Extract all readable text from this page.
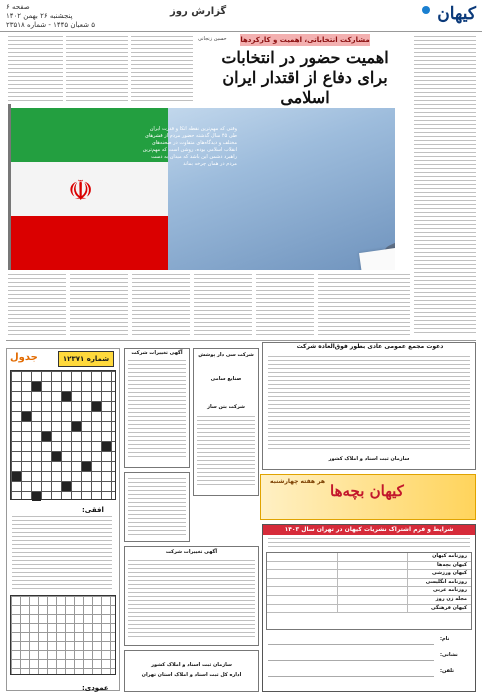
کیهان
گزارش روز
صفحه ۶
پنجشنبه ۲۶ بهمن ۱۴۰۲
۵ شعبان ۱۴۴۵ - شماره ۲۳۵۱۸
مشارکت انتخاباتی، اهمیت و کارکردها
حسین زنجانی
اهمیت حضور در انتخابات
برای دفاع از اقتدار ایران اسلامی
☫
وقتی که مهم‌ترین نقطه اتکا و قدرت ایران طی ۴۵ سال گذشته حضور مردم از قشرهای مختلف و دیدگاه‌های متفاوت در صحنه‌های انقلاب اسلامی بوده، روشن است که مهم‌ترین راهبرد دشمن این باشد که میدان به دست مردم در همان چرخه بماند
شماره ۱۲۳۷۱
جدول
افقی:
عمودی:
آگهی تغییرات شرکت	شرکت سی دار پوشش
صنایع سامی
شرکت بتن ساز
آگهی تغییرات شرکت
سازمان ثبت اسناد و املاک کشور
اداره کل ثبت اسناد و املاک استان تهران
دعوت مجمع عمومی عادی بطور فوق‌العاده شرکت
سازمان ثبت اسناد و املاک کشور
کیهان بچه‌ها
هر هفته چهارشنبه
شرایط و فرم اشتراک نشریات کیهان در تهران سال ۱۴۰۳
روزنامه کیهان
کیهان بچه‌ها
کیهان ورزشی
روزنامه انگلیسی
روزنامه عربی
مجله زن روز
کیهان فرهنگی
نام:
نشانی:
تلفن:
